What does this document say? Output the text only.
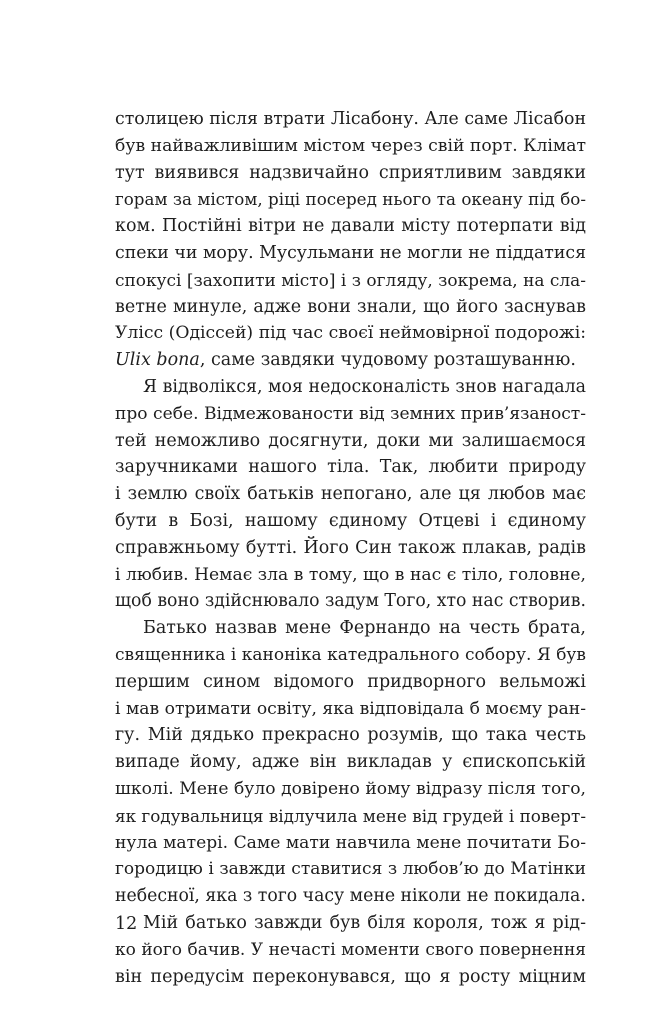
столицею після втрати Лісабону. Але саме Лісабон
був найважливішим містом через свій порт. Клімат
тут виявився надзвичайно сприятливим завдяки
горам за містом, ріці посеред нього та океану під бо-
ком. Постійні вітри не давали місту потерпати від
спеки чи мору. Мусульмани не могли не піддатися
спокусі [захопити місто] і з огляду, зокрема, на сла-
ветне минуле, адже вони знали, що його заснував
Улісс (Одіссей) під час своєї неймовірної подорожі:
Ulix bona, саме завдяки чудовому розташуванню.

Я відволікся, моя недосконалість знов нагадала
про себе. Відмежованости від земних прив’язаност-
тей неможливо досягнути, доки ми залишаємося
заручниками нашого тіла. Так, любити природу
і землю своїх батьків непогано, але ця любов має
бути в Бозі, нашому єдиному Отцеві і єдиному
справжньому бутті. Його Син також плакав, радів
і любив. Немає зла в тому, що в нас є тіло, головне,
щоб воно здійснювало задум Того, хто нас створив.

Батько назвав мене Фернандо на честь брата,
священника і каноніка катедрального собору. Я був
першим сином відомого придворного вельможі
і мав отримати освіту, яка відповідала б моєму ран-
гу. Мій дядько прекрасно розумів, що така честь
випаде йому, адже він викладав у єпископській
школі. Мене було довірено йому відразу після того,
як годувальниця відлучила мене від грудей і поверт-
нула матері. Саме мати навчила мене почитати Бо-
городицю і завжди ставитися з любов’ю до Матінки
небесної, яка з того часу мене ніколи не покидала.

Мій батько завжди був біля короля, тож я рід-
ко його бачив. У нечасті моменти свого повернення
він передусім переконувався, що я росту міцним

12
